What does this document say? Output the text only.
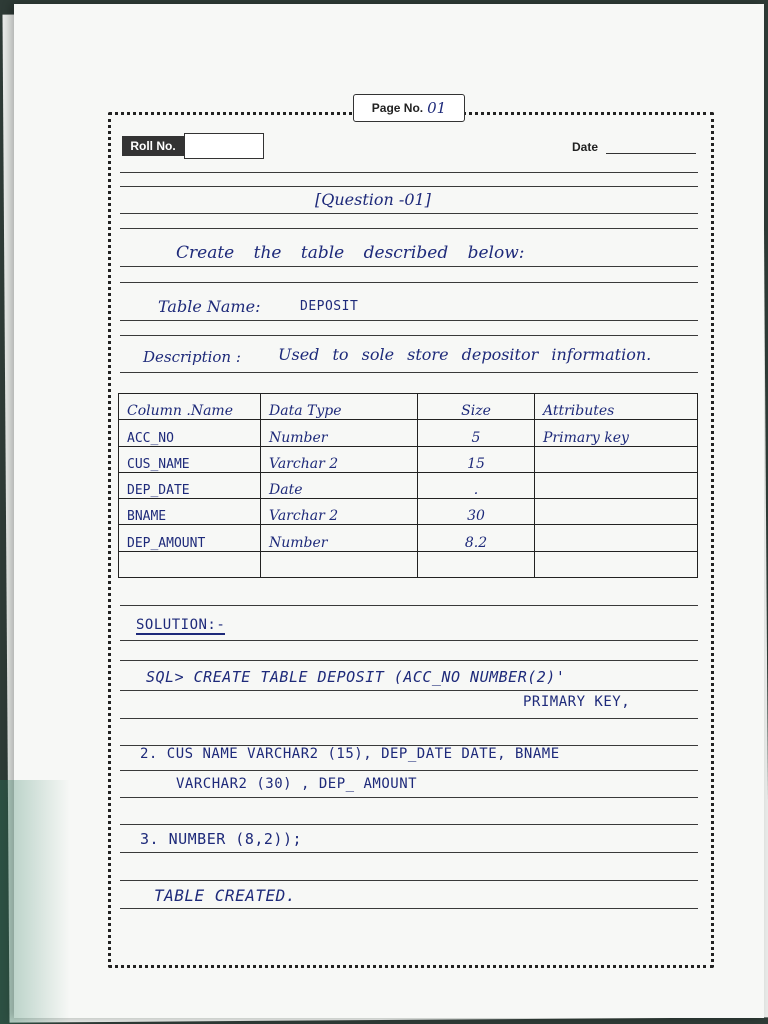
Page No. 01
Roll No.	Date
[Question -01]
Create the table described below:
Table Name:	DEPOSIT
Description : Used to sole store depositor information.
Column .Name	Data Type	Size	Attributes
ACC_NO	Number	5	Primary key
CUS_NAME	Varchar 2	15	
DEP_DATE	Date	.	
BNAME	Varchar 2	30	
DEP_AMOUNT	Number	8.2	

SOLUTION:-
SQL> CREATE TABLE DEPOSIT (ACC_NO NUMBER(2)'
PRIMARY KEY,
2. CUS NAME VARCHAR2 (15), DEP_DATE DATE, BNAME
VARCHAR2 (30) , DEP_ AMOUNT
3. NUMBER (8,2));
TABLE CREATED.
